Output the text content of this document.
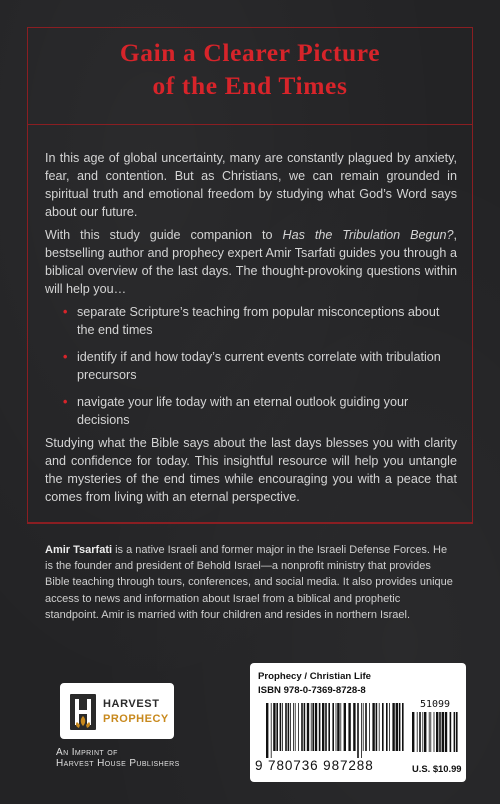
Gain a Clearer Picture
of the End Times

In this age of global uncertainty, many are constantly plagued by anxiety, fear, and contention. But as Christians, we can remain grounded in spiritual truth and emotional freedom by studying what God’s Word says about our future.

With this study guide companion to Has the Tribulation Begun?, bestselling author and prophecy expert Amir Tsarfati guides you through a biblical overview of the last days. The thought-provoking questions within will help you…

• separate Scripture’s teaching from popular misconceptions about the end times
• identify if and how today’s current events correlate with tribulation precursors
• navigate your life today with an eternal outlook guiding your decisions

Studying what the Bible says about the last days blesses you with clarity and confidence for today. This insightful resource will help you untangle the mysteries of the end times while encouraging you with a peace that comes from living with an eternal perspective.

Amir Tsarfati is a native Israeli and former major in the Israeli Defense Forces. He is the founder and president of Behold Israel—a nonprofit ministry that provides Bible teaching through tours, conferences, and social media. It also provides unique access to news and information about Israel from a biblical and prophetic standpoint. Amir is married with four children and resides in northern Israel.

HARVEST
PROPHECY
An Imprint of
Harvest House Publishers
Prophecy / Christian Life
ISBN 978-0-7369-8728-8
51099
9 780736 987288	U.S. $10.99
